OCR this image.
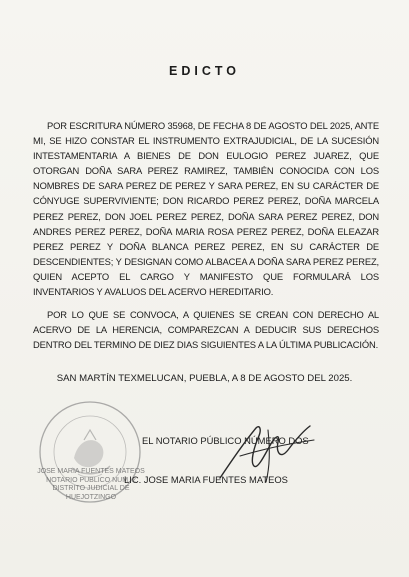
EDICTO
POR ESCRITURA NÚMERO 35968, DE FECHA 8 DE AGOSTO DEL 2025, ANTE MI, SE HIZO CONSTAR EL INSTRUMENTO EXTRAJUDICIAL, DE LA SUCESIÓN INTESTAMENTARIA A BIENES DE DON EULOGIO PEREZ JUAREZ, QUE OTORGAN DOÑA SARA PEREZ RAMIREZ, TAMBIÉN CONOCIDA CON LOS NOMBRES DE SARA PEREZ DE PEREZ Y SARA PEREZ, EN SU CARÁCTER DE CÓNYUGE SUPERVIVIENTE; DON RICARDO PEREZ PEREZ, DOÑA MARCELA PEREZ PEREZ, DON JOEL PEREZ PEREZ, DOÑA SARA PEREZ PEREZ, DON ANDRES PEREZ PEREZ, DOÑA MARIA ROSA PEREZ PEREZ, DOÑA ELEAZAR PEREZ PEREZ Y DOÑA BLANCA PEREZ PEREZ, EN SU CARÁCTER DE DESCENDIENTES; Y DESIGNAN COMO ALBACEA A DOÑA SARA PEREZ PEREZ, QUIEN ACEPTO EL CARGO Y MANIFESTO QUE FORMULARÁ LOS INVENTARIOS Y AVALUOS DEL ACERVO HEREDITARIO.
POR LO QUE SE CONVOCA, A QUIENES SE CREAN CON DERECHO AL ACERVO DE LA HERENCIA, COMPAREZCAN A DEDUCIR SUS DERECHOS DENTRO DEL TERMINO DE DIEZ DIAS SIGUIENTES A LA ÚLTIMA PUBLICACIÓN.
SAN MARTÍN TEXMELUCAN, PUEBLA, A 8 DE AGOSTO DEL 2025.
JOSE MARIA FUENTES MATEOS
NOTARIO PUBLICO NUM. 2
DISTRITO JUDICIAL DE HUEJOTZINGO
EL NOTARIO PÚBLICO NÚMERO DOS
LIC. JOSE MARIA FUENTES MATEOS
